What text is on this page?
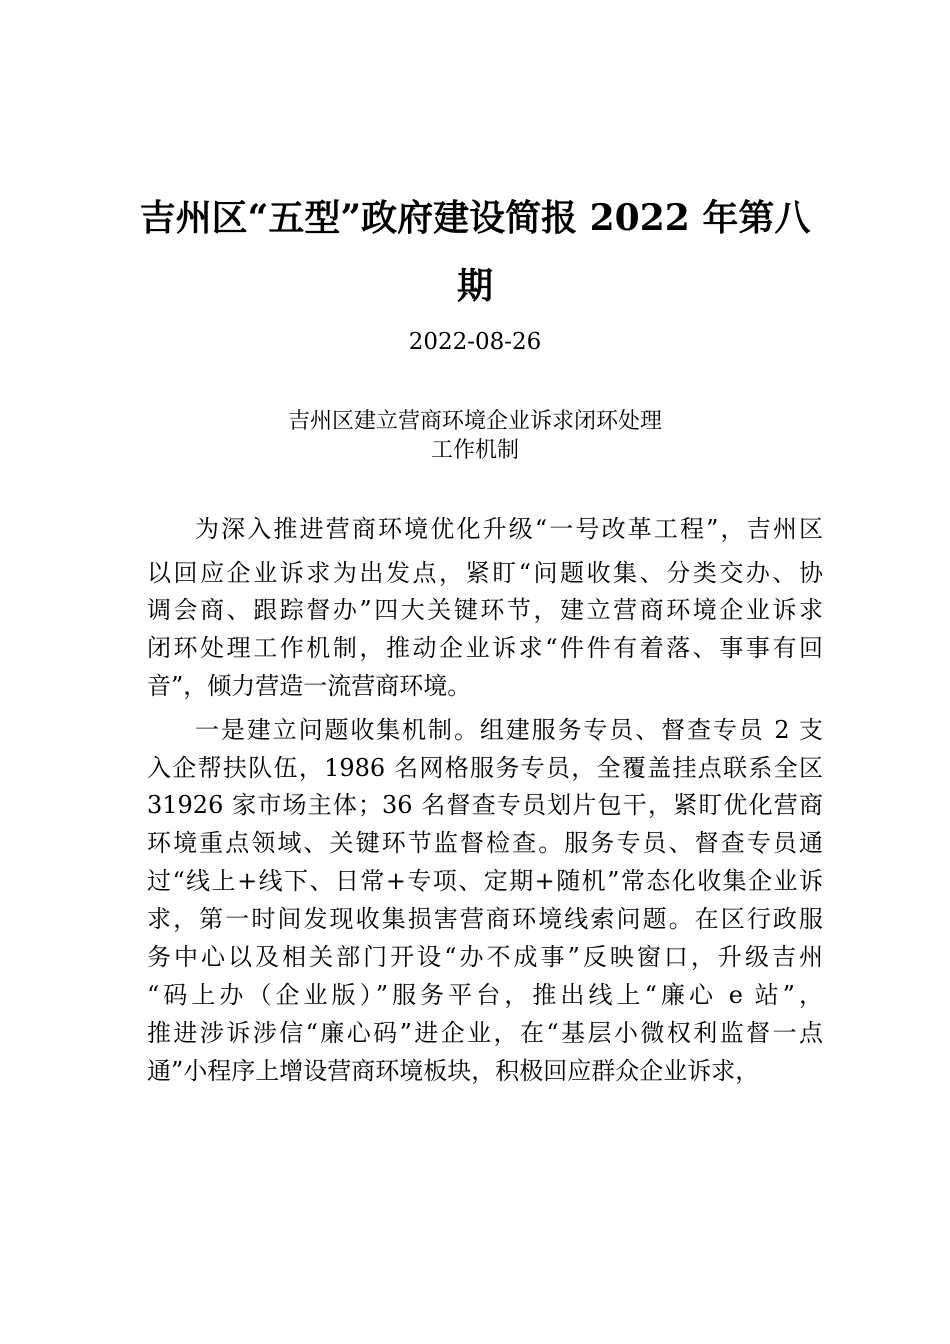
吉州区“五型”政府建设简报 2022 年第八
期
2022-08-26
吉州区建立营商环境企业诉求闭环处理
工作机制
为深入推进营商环境优化升级“一号改革工程”，吉州区
以回应企业诉求为出发点，紧盯“问题收集、分类交办、协
调会商、跟踪督办”四大关键环节，建立营商环境企业诉求
闭环处理工作机制，推动企业诉求“件件有着落、事事有回
音”，倾力营造一流营商环境。
一是建立问题收集机制。组建服务专员、督查专员 2 支
入企帮扶队伍，1986 名网格服务专员，全覆盖挂点联系全区
31926 家市场主体；36 名督查专员划片包干，紧盯优化营商
环境重点领域、关键环节监督检查。服务专员、督查专员通
过“线上+线下、日常+专项、定期+随机”常态化收集企业诉
求，第一时间发现收集损害营商环境线索问题。在区行政服
务中心以及相关部门开设“办不成事”反映窗口，升级吉州
“码上办（企业版）”服务平台，推出线上“廉心 e 站”，
推进涉诉涉信“廉心码”进企业，在“基层小微权利监督一点
通”小程序上增设营商环境板块，积极回应群众企业诉求，
